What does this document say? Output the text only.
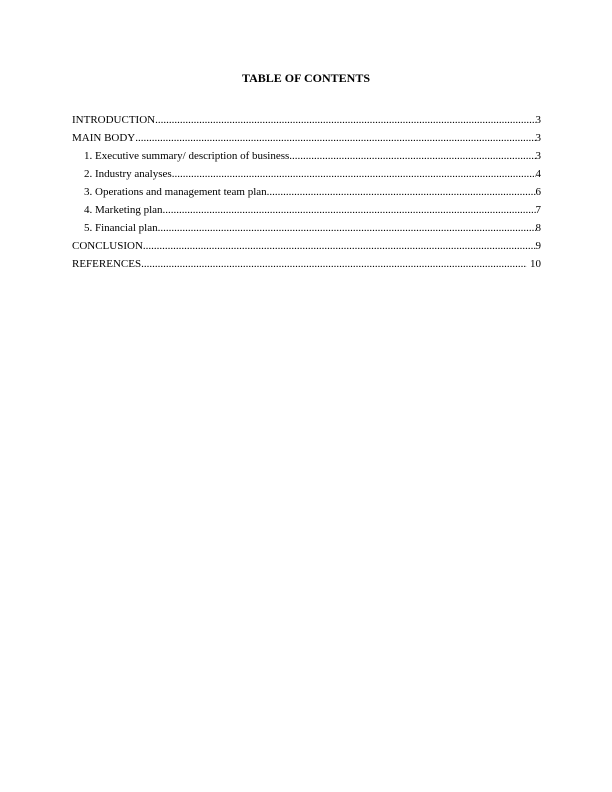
TABLE OF CONTENTS
INTRODUCTION .....	3
MAIN BODY .....	3
1. Executive summary/ description of business .....	3
2. Industry analyses .....	4
3. Operations and management team plan .....	6
4. Marketing plan .....	7
5. Financial plan .....	8
CONCLUSION .....	9
REFERENCES .....	10
